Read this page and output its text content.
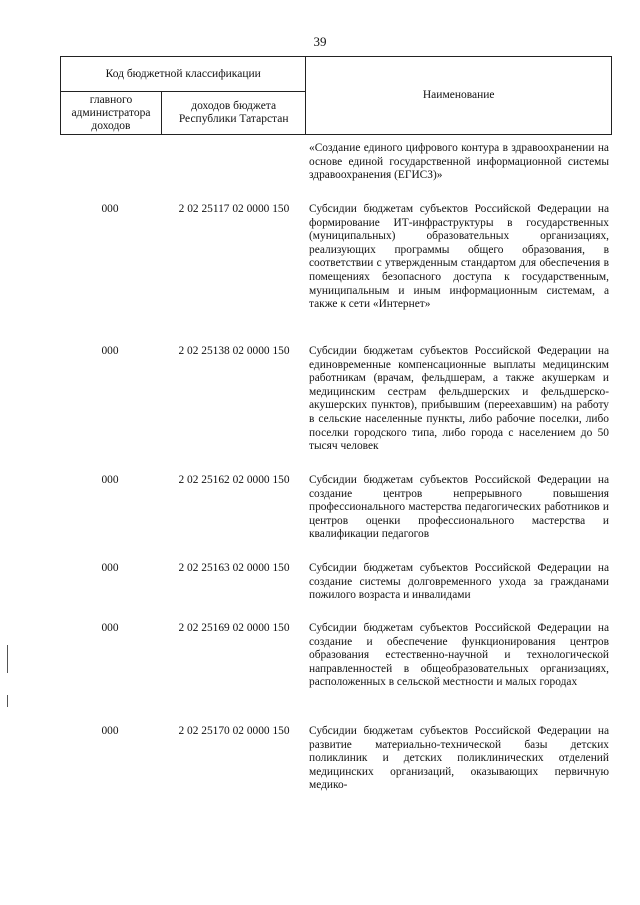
39
Код бюджетной классификации		Наименование
главного администратора доходов	доходов бюджета Республики Татарстан	
«Создание единого цифрового контура в здравоохранении на основе единой государственной информационной системы здравоохранения (ЕГИСЗ)»
000	2 02 25117 02 0000 150	Субсидии бюджетам субъектов Российской Федерации на формирование ИТ-инфраструктуры в государственных (муниципальных) образовательных организациях, реализующих программы общего образования, в соответствии с утвержденным стандартом для обеспечения в помещениях безопасного доступа к государственным, муниципальным и иным информационным системам, а также к сети «Интернет»
000	2 02 25138 02 0000 150	Субсидии бюджетам субъектов Российской Федерации на единовременные компенсационные выплаты медицинским работникам (врачам, фельдшерам, а также акушеркам и медицинским сестрам фельдшерских и фельдшерско-акушерских пунктов), прибывшим (переехавшим) на работу в сельские населенные пункты, либо рабочие поселки, либо поселки городского типа, либо города с населением до 50 тысяч человек
000	2 02 25162 02 0000 150	Субсидии бюджетам субъектов Российской Федерации на создание центров непрерывного повышения профессионального мастерства педагогических работников и центров оценки профессионального мастерства и квалификации педагогов
000	2 02 25163 02 0000 150	Субсидии бюджетам субъектов Российской Федерации на создание системы долговременного ухода за гражданами пожилого возраста и инвалидами
000	2 02 25169 02 0000 150	Субсидии бюджетам субъектов Российской Федерации на создание и обеспечение функционирования центров образования естественно-научной и технологической направленностей в общеобразовательных организациях, расположенных в сельской местности и малых городах
000	2 02 25170 02 0000 150	Субсидии бюджетам субъектов Российской Федерации на развитие материально-технической базы детских поликлиник и детских поликлинических отделений медицинских организаций, оказывающих первичную медико-
